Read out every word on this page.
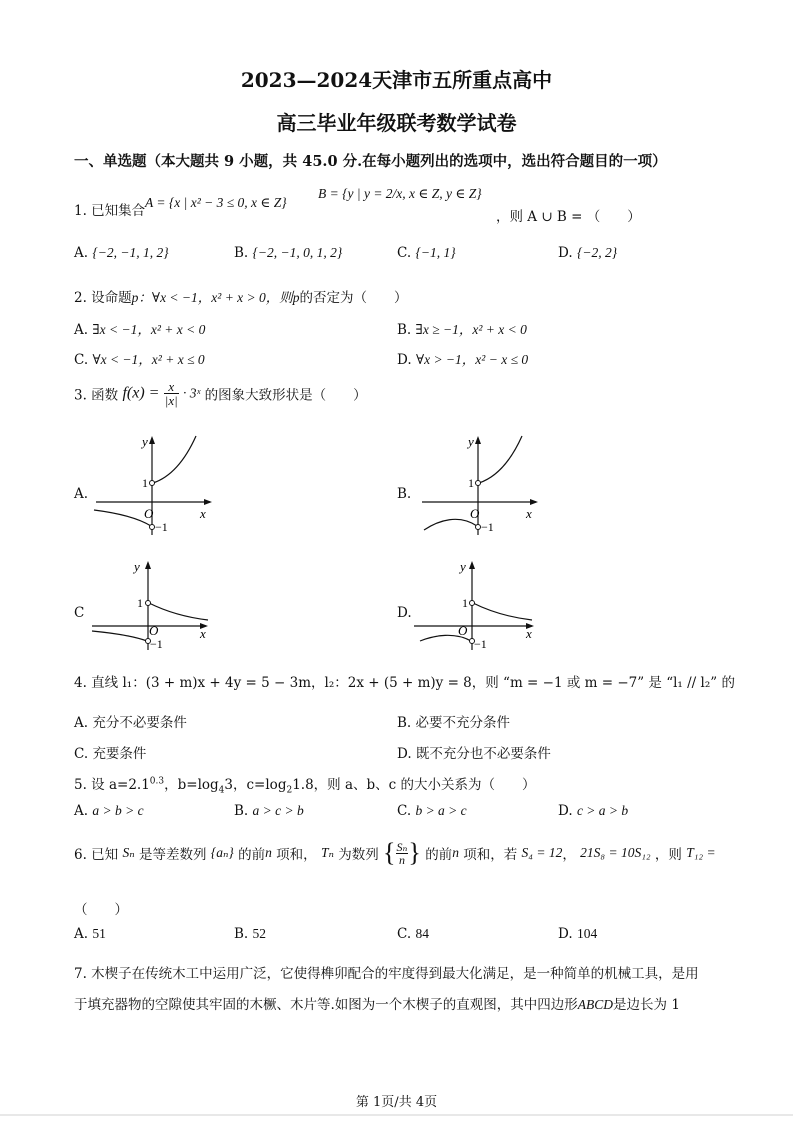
2023—2024天津市五所重点高中
高三毕业年级联考数学试卷
一、单选题（本大题共 9 小题，共 45.0 分.在每小题列出的选项中，选出符合题目的一项）
1. 已知集合
A = {x | x² − 3 ≤ 0, x ∈ Z}
B = {y | y = 2/x, x ∈ Z, y ∈ Z}
，则 A ∪ B = （　　）
A. {−2, −1, 1, 2}	B. {−2, −1, 0, 1, 2}	C. {−1, 1}	D. {−2, 2}
2. 设命题p：∀x < −1，x² + x > 0，则p的否定为（　　）
A. ∃x < −1，x² + x < 0	B. ∃x ≥ −1，x² + x < 0
C. ∀x < −1，x² + x ≤ 0	D. ∀x > −1，x² − x ≤ 0
3. 函数 $f(x) = \frac{x}{|x|}$ · 3ˣ 的图象大致形状是（　　）
A.
y
x
O
1
−1
B.
y
x
O
1
−1
C
y
x
O
1
−1
D.
y
x
O
1
−1
4. 直线 l₁：(3 + m)x + 4y = 5 − 3m，l₂：2x + (5 + m)y = 8，则 “m = −1 或 m = −7” 是 “l₁ // l₂” 的
A. 充分不必要条件	B. 必要不充分条件
C. 充要条件	D. 既不充分也不必要条件
5. 设 $a=2.1^{0.3}$，$b=\log_43$，$c=\log_21.8$，则 a、b、c 的大小关系为（　　）
A. a > b > c	B. a > c > b	C. b > a > c	D. c > a > b
6. 已知 Sₙ 是等差数列 {aₙ} 的前n 项和， Tₙ 为数列 { $\frac{\text{Sₙ}}{n}$ } 的前n 项和，若 S₄ = 12， 21S₈ = 10S₁₂ ，则 T₁₂ =
（　　）
A. 51	B. 52	C. 84	D. 104
7. 木楔子在传统木工中运用广泛，它使得榫卯配合的牢度得到最大化满足，是一种简单的机械工具，是用
于填充器物的空隙使其牢固的木橛、木片等.如图为一个木楔子的直观图，其中四边形ABCD是边长为 1
第 1页/共 4页
